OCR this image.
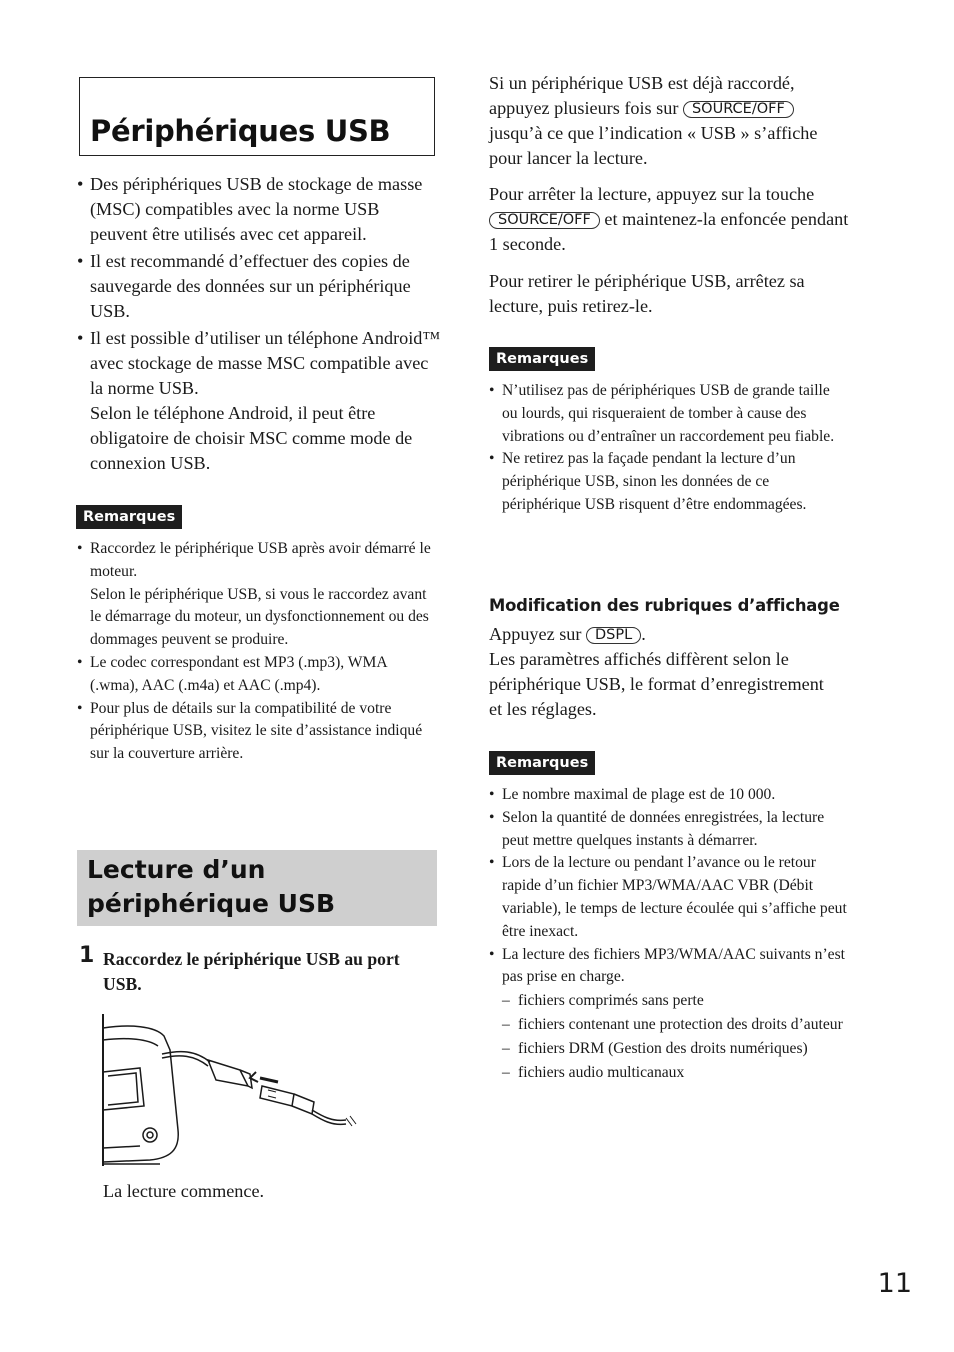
Périphériques USB
• Des périphériques USB de stockage de masse (MSC) compatibles avec la norme USB peuvent être utilisés avec cet appareil.
• Il est recommandé d’effectuer des copies de sauvegarde des données sur un périphérique USB.
• Il est possible d’utiliser un téléphone Android™ avec stockage de masse MSC compatible avec la norme USB.
Selon le téléphone Android, il peut être obligatoire de choisir MSC comme mode de connexion USB.
Remarques
• Raccordez le périphérique USB après avoir démarré le moteur.
Selon le périphérique USB, si vous le raccordez avant le démarrage du moteur, un dysfonctionnement ou des dommages peuvent se produire.
• Le codec correspondant est MP3 (.mp3), WMA (.wma), AAC (.m4a) et AAC (.mp4).
• Pour plus de détails sur la compatibilité de votre périphérique USB, visitez le site d’assistance indiqué sur la couverture arrière.
Lecture d’un
périphérique USB
1 Raccordez le périphérique USB au port USB.
La lecture commence.
Si un périphérique USB est déjà raccordé, appuyez plusieurs fois sur SOURCE/OFF jusqu’à ce que l’indication « USB » s’affiche pour lancer la lecture.
Pour arrêter la lecture, appuyez sur la touche SOURCE/OFF et maintenez-la enfoncée pendant 1 seconde.
Pour retirer le périphérique USB, arrêtez sa lecture, puis retirez-le.
Remarques
• N’utilisez pas de périphériques USB de grande taille ou lourds, qui risqueraient de tomber à cause des vibrations ou d’entraîner un raccordement peu fiable.
• Ne retirez pas la façade pendant la lecture d’un périphérique USB, sinon les données de ce périphérique USB risquent d’être endommagées.
Modification des rubriques d’affichage
Appuyez sur DSPL .
Les paramètres affichés diffèrent selon le périphérique USB, le format d’enregistrement et les réglages.
Remarques
• Le nombre maximal de plage est de 10 000.
• Selon la quantité de données enregistrées, la lecture peut mettre quelques instants à démarrer.
• Lors de la lecture ou pendant l’avance ou le retour rapide d’un fichier MP3/WMA/AAC VBR (Débit variable), le temps de lecture écoulée qui s’affiche peut être inexact.
• La lecture des fichiers MP3/WMA/AAC suivants n’est pas prise en charge.
– fichiers comprimés sans perte
– fichiers contenant une protection des droits d’auteur
– fichiers DRM (Gestion des droits numériques)
– fichiers audio multicanaux
11
